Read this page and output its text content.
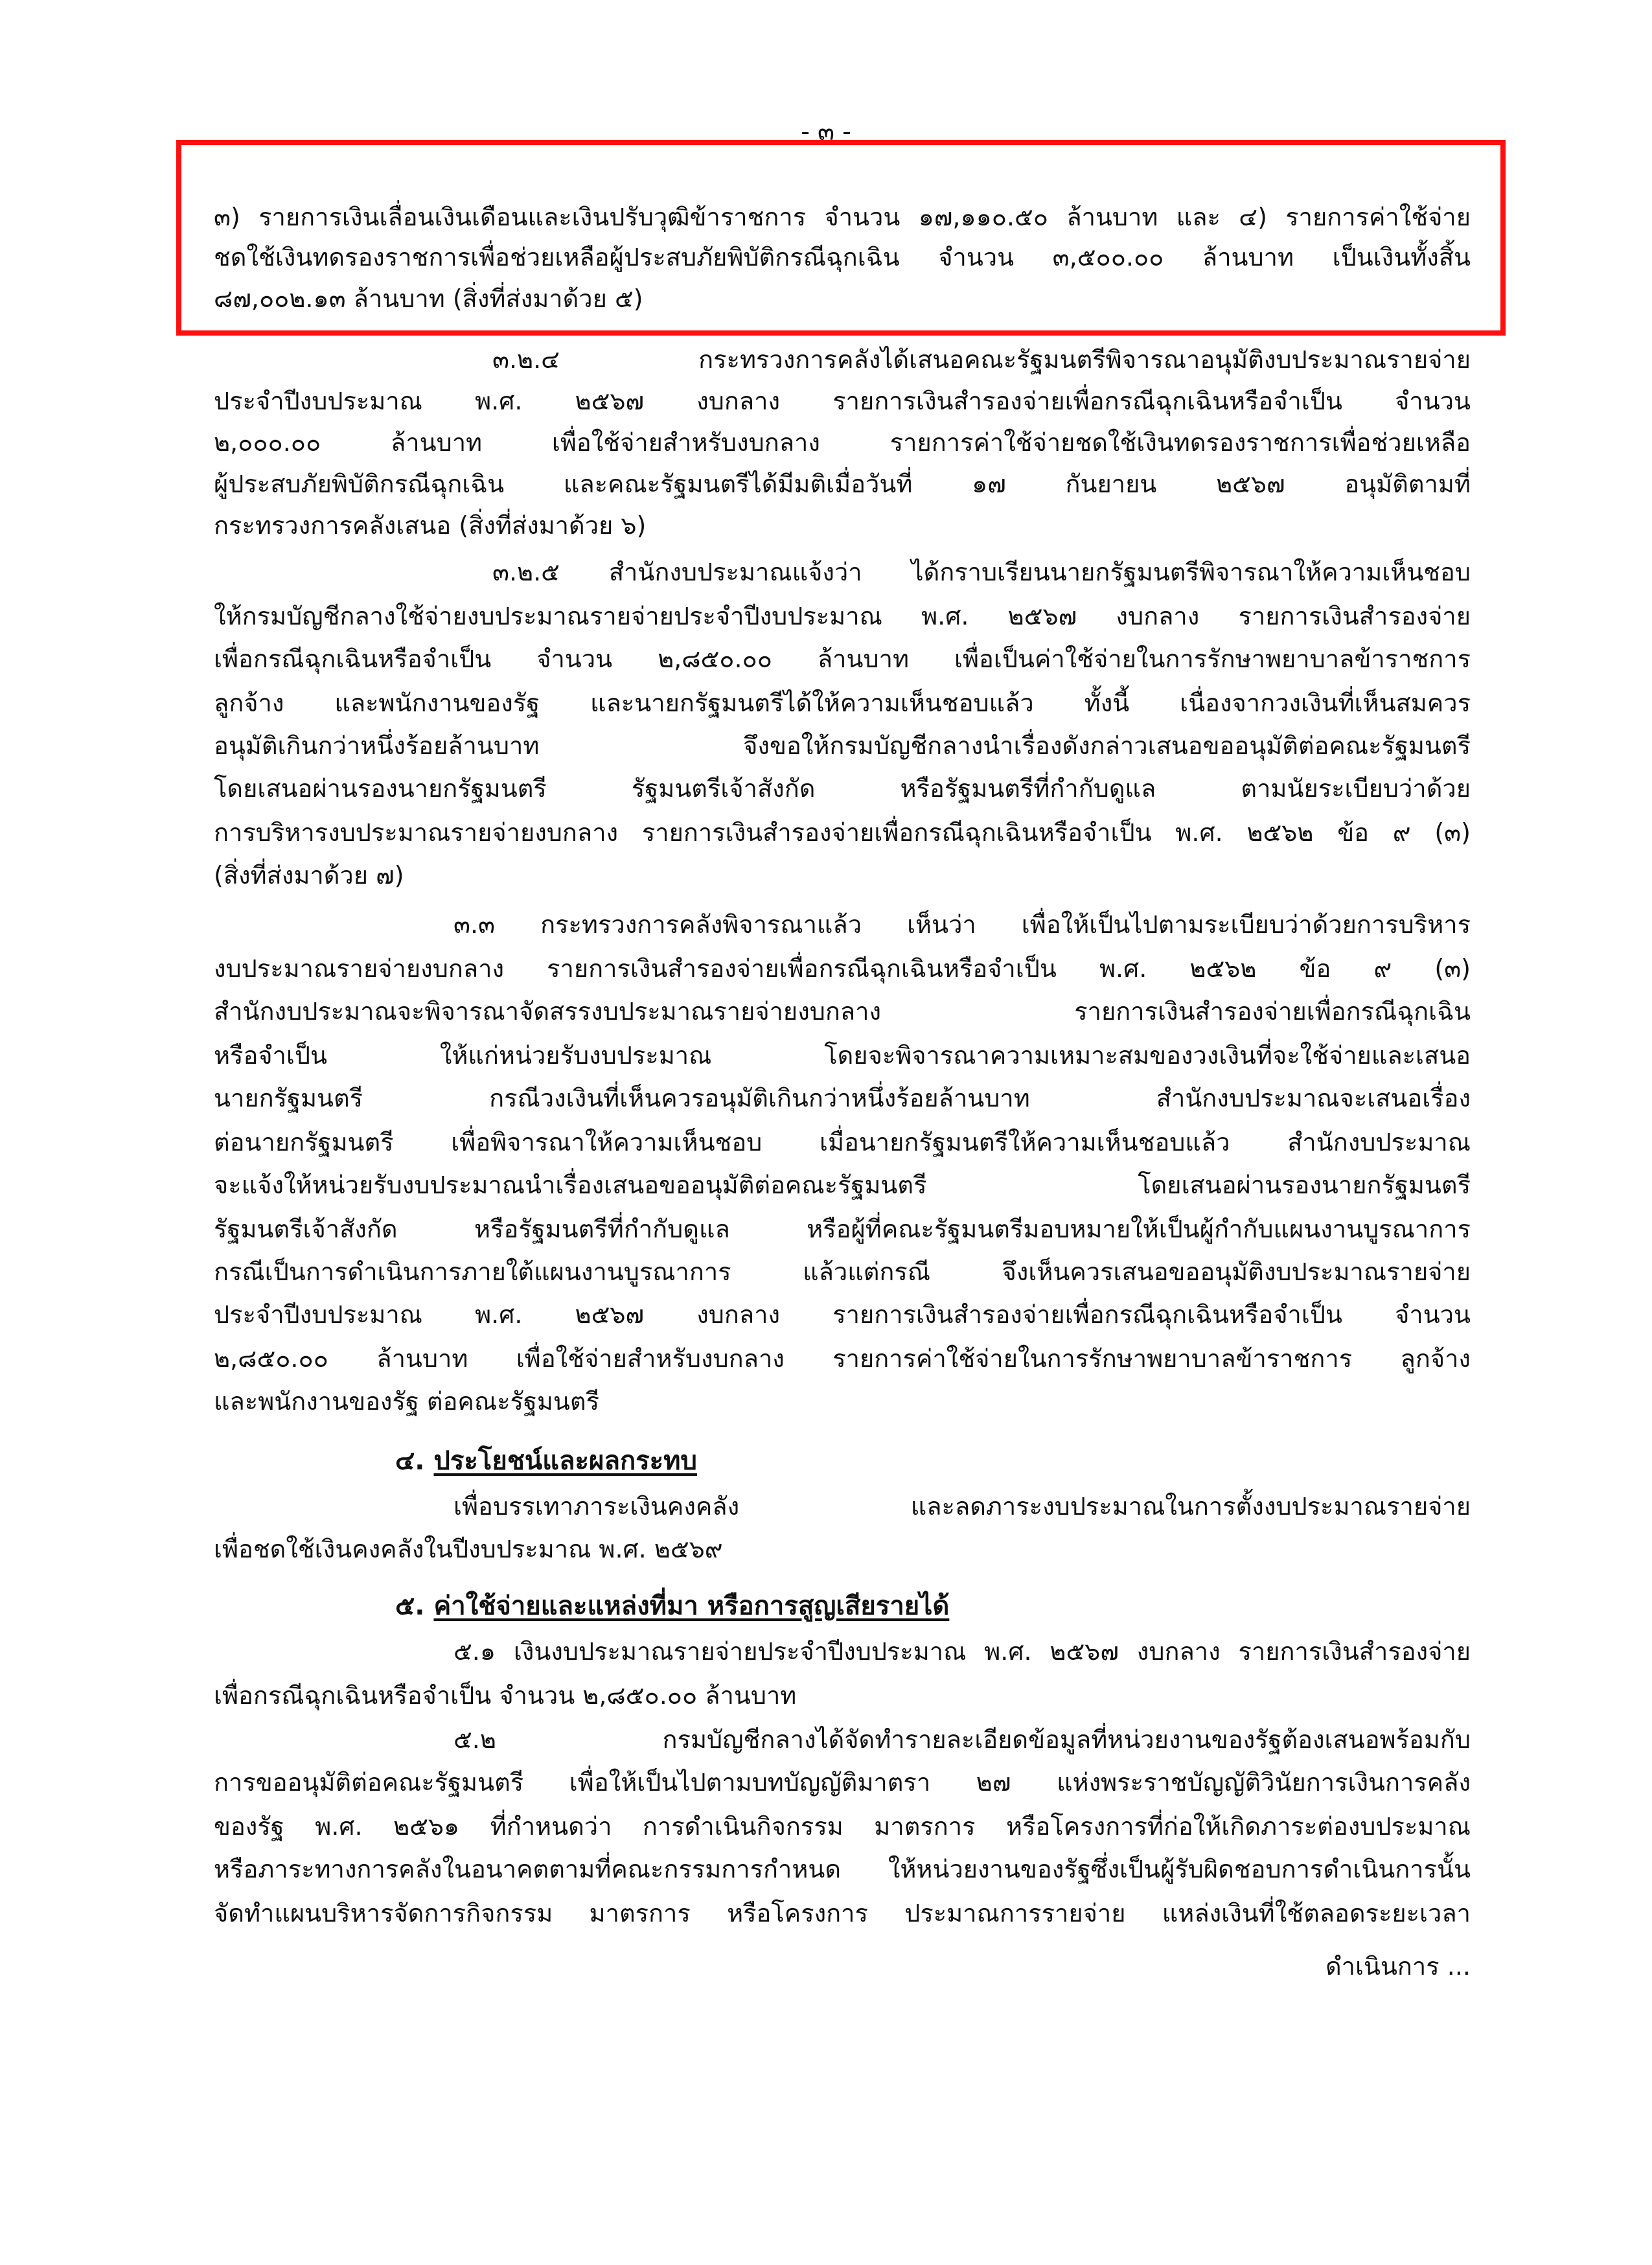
- ๓ -
๓) รายการเงินเลื่อนเงินเดือนและเงินปรับวุฒิข้าราชการ จำนวน ๑๗,๑๑๐.๕๐ ล้านบาท และ ๔) รายการค่าใช้จ่าย
ชดใช้เงินทดรองราชการเพื่อช่วยเหลือผู้ประสบภัยพิบัติกรณีฉุกเฉิน จำนวน ๓,๕๐๐.๐๐ ล้านบาท เป็นเงินทั้งสิ้น
๘๗,๐๐๒.๑๓ ล้านบาท (สิ่งที่ส่งมาด้วย ๕)
๓.๒.๔ กระทรวงการคลังได้เสนอคณะรัฐมนตรีพิจารณาอนุมัติงบประมาณรายจ่าย
ประจำปีงบประมาณ พ.ศ. ๒๕๖๗ งบกลาง รายการเงินสำรองจ่ายเพื่อกรณีฉุกเฉินหรือจำเป็น จำนวน
๒,๐๐๐.๐๐ ล้านบาท เพื่อใช้จ่ายสำหรับงบกลาง รายการค่าใช้จ่ายชดใช้เงินทดรองราชการเพื่อช่วยเหลือ
ผู้ประสบภัยพิบัติกรณีฉุกเฉิน และคณะรัฐมนตรีได้มีมติเมื่อวันที่ ๑๗ กันยายน ๒๕๖๗ อนุมัติตามที่
กระทรวงการคลังเสนอ (สิ่งที่ส่งมาด้วย ๖)
๓.๒.๕ สำนักงบประมาณแจ้งว่า ได้กราบเรียนนายกรัฐมนตรีพิจารณาให้ความเห็นชอบ
ให้กรมบัญชีกลางใช้จ่ายงบประมาณรายจ่ายประจำปีงบประมาณ พ.ศ. ๒๕๖๗ งบกลาง รายการเงินสำรองจ่าย
เพื่อกรณีฉุกเฉินหรือจำเป็น จำนวน ๒,๘๕๐.๐๐ ล้านบาท เพื่อเป็นค่าใช้จ่ายในการรักษาพยาบาลข้าราชการ
ลูกจ้าง และพนักงานของรัฐ และนายกรัฐมนตรีได้ให้ความเห็นชอบแล้ว ทั้งนี้ เนื่องจากวงเงินที่เห็นสมควร
อนุมัติเกินกว่าหนึ่งร้อยล้านบาท จึงขอให้กรมบัญชีกลางนำเรื่องดังกล่าวเสนอขออนุมัติต่อคณะรัฐมนตรี
โดยเสนอผ่านรองนายกรัฐมนตรี รัฐมนตรีเจ้าสังกัด หรือรัฐมนตรีที่กำกับดูแล ตามนัยระเบียบว่าด้วย
การบริหารงบประมาณรายจ่ายงบกลาง รายการเงินสำรองจ่ายเพื่อกรณีฉุกเฉินหรือจำเป็น พ.ศ. ๒๕๖๒ ข้อ ๙ (๓)
(สิ่งที่ส่งมาด้วย ๗)
๓.๓ กระทรวงการคลังพิจารณาแล้ว เห็นว่า เพื่อให้เป็นไปตามระเบียบว่าด้วยการบริหาร
งบประมาณรายจ่ายงบกลาง รายการเงินสำรองจ่ายเพื่อกรณีฉุกเฉินหรือจำเป็น พ.ศ. ๒๕๖๒ ข้อ ๙ (๓)
สำนักงบประมาณจะพิจารณาจัดสรรงบประมาณรายจ่ายงบกลาง รายการเงินสำรองจ่ายเพื่อกรณีฉุกเฉิน
หรือจำเป็น ให้แก่หน่วยรับงบประมาณ โดยจะพิจารณาความเหมาะสมของวงเงินที่จะใช้จ่ายและเสนอ
นายกรัฐมนตรี กรณีวงเงินที่เห็นควรอนุมัติเกินกว่าหนึ่งร้อยล้านบาท สำนักงบประมาณจะเสนอเรื่อง
ต่อนายกรัฐมนตรี เพื่อพิจารณาให้ความเห็นชอบ เมื่อนายกรัฐมนตรีให้ความเห็นชอบแล้ว สำนักงบประมาณ
จะแจ้งให้หน่วยรับงบประมาณนำเรื่องเสนอขออนุมัติต่อคณะรัฐมนตรี โดยเสนอผ่านรองนายกรัฐมนตรี
รัฐมนตรีเจ้าสังกัด หรือรัฐมนตรีที่กำกับดูแล หรือผู้ที่คณะรัฐมนตรีมอบหมายให้เป็นผู้กำกับแผนงานบูรณาการ
กรณีเป็นการดำเนินการภายใต้แผนงานบูรณาการ แล้วแต่กรณี จึงเห็นควรเสนอขออนุมัติงบประมาณรายจ่าย
ประจำปีงบประมาณ พ.ศ. ๒๕๖๗ งบกลาง รายการเงินสำรองจ่ายเพื่อกรณีฉุกเฉินหรือจำเป็น จำนวน
๒,๘๕๐.๐๐ ล้านบาท เพื่อใช้จ่ายสำหรับงบกลาง รายการค่าใช้จ่ายในการรักษาพยาบาลข้าราชการ ลูกจ้าง
และพนักงานของรัฐ ต่อคณะรัฐมนตรี
๔. ประโยชน์และผลกระทบ
เพื่อบรรเทาภาระเงินคงคลัง และลดภาระงบประมาณในการตั้งงบประมาณรายจ่าย
เพื่อชดใช้เงินคงคลังในปีงบประมาณ พ.ศ. ๒๕๖๙
๕. ค่าใช้จ่ายและแหล่งที่มา หรือการสูญเสียรายได้
๕.๑ เงินงบประมาณรายจ่ายประจำปีงบประมาณ พ.ศ. ๒๕๖๗ งบกลาง รายการเงินสำรองจ่าย
เพื่อกรณีฉุกเฉินหรือจำเป็น จำนวน ๒,๘๕๐.๐๐ ล้านบาท
๕.๒ กรมบัญชีกลางได้จัดทำรายละเอียดข้อมูลที่หน่วยงานของรัฐต้องเสนอพร้อมกับ
การขออนุมัติต่อคณะรัฐมนตรี เพื่อให้เป็นไปตามบทบัญญัติมาตรา ๒๗ แห่งพระราชบัญญัติวินัยการเงินการคลัง
ของรัฐ พ.ศ. ๒๕๖๑ ที่กำหนดว่า การดำเนินกิจกรรม มาตรการ หรือโครงการที่ก่อให้เกิดภาระต่องบประมาณ
หรือภาระทางการคลังในอนาคตตามที่คณะกรรมการกำหนด ให้หน่วยงานของรัฐซึ่งเป็นผู้รับผิดชอบการดำเนินการนั้น
จัดทำแผนบริหารจัดการกิจกรรม มาตรการ หรือโครงการ ประมาณการรายจ่าย แหล่งเงินที่ใช้ตลอดระยะเวลา
ดำเนินการ ...
